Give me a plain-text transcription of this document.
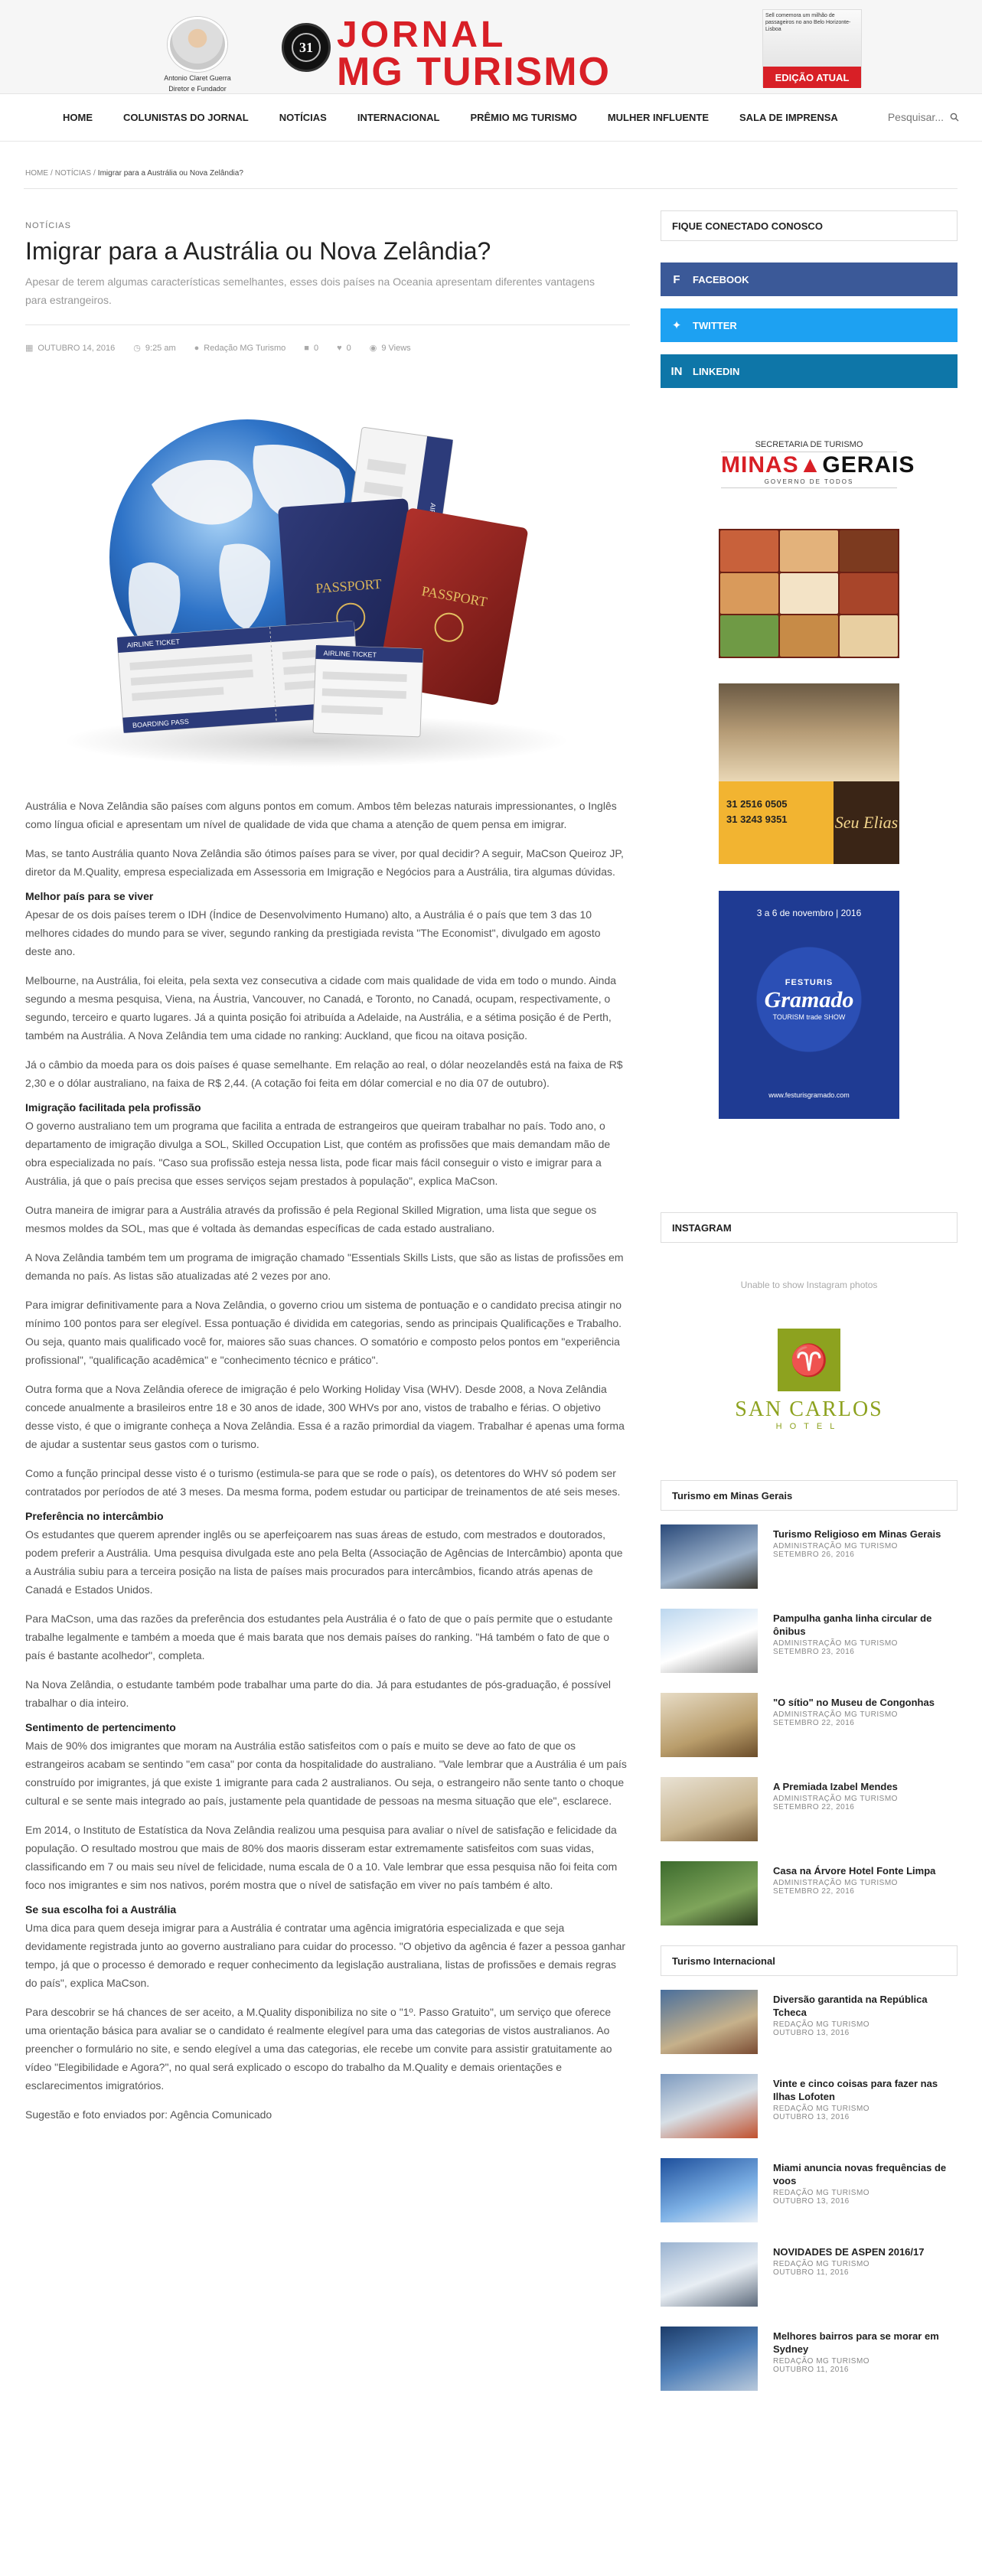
Antonio Claret Guerra
Diretor e Fundador
31
JORNAL
MG TURISMO
Sell comemora um milhão de passageiros no ano Belo Horizonte-Lisboa
EDIÇÃO ATUAL
HOME	COLUNISTAS DO JORNAL	NOTÍCIAS	INTERNACIONAL	PRÊMIO MG TURISMO	MULHER INFLUENTE	SALA DE IMPRENSA	Pesquisar...
HOME / NOTÍCIAS / Imigrar para a Austrália ou Nova Zelândia?
NOTÍCIAS
Imigrar para a Austrália ou Nova Zelândia?
Apesar de terem algumas características semelhantes, esses dois países na Oceania apresentam diferentes vantagens para estrangeiros.
▦ OUTUBRO 14, 2016 ◷ 9:25 am ● Redação MG Turismo ■ 0 ♥ 0 ◉ 9 Views
PASSPORT	PASSPORT
AIRLINE TICKET
BOARDING PASS
AIRLINE TICKET

Austrália e Nova Zelândia são países com alguns pontos em comum. Ambos têm belezas naturais impressionantes, o Inglês como língua oficial e apresentam um nível de qualidade de vida que chama a atenção de quem pensa em imigrar.

Mas, se tanto Austrália quanto Nova Zelândia são ótimos países para se viver, por qual decidir? A seguir, MaCson Queiroz JP, diretor da M.Quality, empresa especializada em Assessoria em Imigração e Negócios para a Austrália, tira algumas dúvidas.

Melhor país para se viver

Apesar de os dois países terem o IDH (Índice de Desenvolvimento Humano) alto, a Austrália é o país que tem 3 das 10 melhores cidades do mundo para se viver, segundo ranking da prestigiada revista "The Economist", divulgado em agosto deste ano.

Melbourne, na Austrália, foi eleita, pela sexta vez consecutiva a cidade com mais qualidade de vida em todo o mundo. Ainda segundo a mesma pesquisa, Viena, na Áustria, Vancouver, no Canadá, e Toronto, no Canadá, ocupam, respectivamente, o segundo, terceiro e quarto lugares. Já a quinta posição foi atribuída a Adelaide, na Austrália, e a sétima posição é de Perth, também na Austrália. A Nova Zelândia tem uma cidade no ranking: Auckland, que ficou na oitava posição.

Já o câmbio da moeda para os dois países é quase semelhante. Em relação ao real, o dólar neozelandês está na faixa de R$ 2,30 e o dólar australiano, na faixa de R$ 2,44. (A cotação foi feita em dólar comercial e no dia 07 de outubro).

Imigração facilitada pela profissão

O governo australiano tem um programa que facilita a entrada de estrangeiros que queiram trabalhar no país. Todo ano, o departamento de imigração divulga a SOL, Skilled Occupation List, que contém as profissões que mais demandam mão de obra especializada no país. "Caso sua profissão esteja nessa lista, pode ficar mais fácil conseguir o visto e imigrar para a Austrália, já que o país precisa que esses serviços sejam prestados à população", explica MaCson.

Outra maneira de imigrar para a Austrália através da profissão é pela Regional Skilled Migration, uma lista que segue os mesmos moldes da SOL, mas que é voltada às demandas específicas de cada estado australiano.

A Nova Zelândia também tem um programa de imigração chamado "Essentials Skills Lists, que são as listas de profissões em demanda no país. As listas são atualizadas até 2 vezes por ano.

Para imigrar definitivamente para a Nova Zelândia, o governo criou um sistema de pontuação e o candidato precisa atingir no mínimo 100 pontos para ser elegível. Essa pontuação é dividida em categorias, sendo as principais Qualificações e Trabalho. Ou seja, quanto mais qualificado você for, maiores são suas chances. O somatório e composto pelos pontos em "experiência profissional", "qualificação acadêmica" e "conhecimento técnico e prático".

Outra forma que a Nova Zelândia oferece de imigração é pelo Working Holiday Visa (WHV). Desde 2008, a Nova Zelândia concede anualmente a brasileiros entre 18 e 30 anos de idade, 300 WHVs por ano, vistos de trabalho e férias. O objetivo desse visto, é que o imigrante conheça a Nova Zelândia. Essa é a razão primordial da viagem. Trabalhar é apenas uma forma de ajudar a sustentar seus gastos com o turismo.

Como a função principal desse visto é o turismo (estimula-se para que se rode o país), os detentores do WHV só podem ser contratados por períodos de até 3 meses. Da mesma forma, podem estudar ou participar de treinamentos de até seis meses.

Preferência no intercâmbio

Os estudantes que querem aprender inglês ou se aperfeiçoarem nas suas áreas de estudo, com mestrados e doutorados, podem preferir a Austrália. Uma pesquisa divulgada este ano pela Belta (Associação de Agências de Intercâmbio) aponta que a Austrália subiu para a terceira posição na lista de países mais procurados para intercâmbios, ficando atrás apenas de Canadá e Estados Unidos.

Para MaCson, uma das razões da preferência dos estudantes pela Austrália é o fato de que o país permite que o estudante trabalhe legalmente e também a moeda que é mais barata que nos demais países do ranking. "Há também o fato de que o país é bastante acolhedor", completa.

Na Nova Zelândia, o estudante também pode trabalhar uma parte do dia. Já para estudantes de pós-graduação, é possível trabalhar o dia inteiro.

Sentimento de pertencimento

Mais de 90% dos imigrantes que moram na Austrália estão satisfeitos com o país e muito se deve ao fato de que os estrangeiros acabam se sentindo "em casa" por conta da hospitalidade do australiano. "Vale lembrar que a Austrália é um país construído por imigrantes, já que existe 1 imigrante para cada 2 australianos. Ou seja, o estrangeiro não sente tanto o choque cultural e se sente mais integrado ao país, justamente pela quantidade de pessoas na mesma situação que ele", esclarece.

Em 2014, o Instituto de Estatística da Nova Zelândia realizou uma pesquisa para avaliar o nível de satisfação e felicidade da população. O resultado mostrou que mais de 80% dos maoris disseram estar extremamente satisfeitos com suas vidas, classificando em 7 ou mais seu nível de felicidade, numa escala de 0 a 10. Vale lembrar que essa pesquisa não foi feita com foco nos imigrantes e sim nos nativos, porém mostra que o nível de satisfação em viver no país também é alto.

Se sua escolha foi a Austrália

Uma dica para quem deseja imigrar para a Austrália é contratar uma agência imigratória especializada e que seja devidamente registrada junto ao governo australiano para cuidar do processo. "O objetivo da agência é fazer a pessoa ganhar tempo, já que o processo é demorado e requer conhecimento da legislação australiana, listas de profissões e demais regras do país", explica MaCson.

Para descobrir se há chances de ser aceito, a M.Quality disponibiliza no site o "1º. Passo Gratuito", um serviço que oferece uma orientação básica para avaliar se o candidato é realmente elegível para uma das categorias de vistos australianos. Ao preencher o formulário no site, e sendo elegível a uma das categorias, ele recebe um convite para assistir gratuitamente ao vídeo "Elegibilidade e Agora?", no qual será explicado o escopo do trabalho da M.Quality e demais orientações e esclarecimentos imigratórios.

Sugestão e foto enviados por: Agência Comunicado

FIQUE CONECTADO CONOSCO
F	FACEBOOK
✦	TWITTER
IN	LINKEDIN
SECRETARIA DE TURISMO
MINAS▲GERAIS
GOVERNO DE TODOS
31 2516 0505
31 3243 9351	Seu Elias
3 a 6 de novembro | 2016
FESTURIS
Gramado
TOURISM trade SHOW
www.festurisgramado.com
INSTAGRAM
Unable to show Instagram photos
♈
SAN CARLOS
HOTEL
Turismo em Minas Gerais
Turismo Religioso em Minas Gerais
ADMINISTRAÇÃO MG TURISMO
SETEMBRO 26, 2016
Pampulha ganha linha circular de ônibus
ADMINISTRAÇÃO MG TURISMO
SETEMBRO 23, 2016
"O sítio" no Museu de Congonhas
ADMINISTRAÇÃO MG TURISMO
SETEMBRO 22, 2016
A Premiada Izabel Mendes
ADMINISTRAÇÃO MG TURISMO
SETEMBRO 22, 2016
Casa na Árvore Hotel Fonte Limpa
ADMINISTRAÇÃO MG TURISMO
SETEMBRO 22, 2016
Turismo Internacional
Diversão garantida na República Tcheca
REDAÇÃO MG TURISMO
OUTUBRO 13, 2016
Vinte e cinco coisas para fazer nas Ilhas Lofoten
REDAÇÃO MG TURISMO
OUTUBRO 13, 2016
Miami anuncia novas frequências de voos
REDAÇÃO MG TURISMO
OUTUBRO 13, 2016
NOVIDADES DE ASPEN 2016/17
REDAÇÃO MG TURISMO
OUTUBRO 11, 2016
Melhores bairros para se morar em Sydney
REDAÇÃO MG TURISMO
OUTUBRO 11, 2016
